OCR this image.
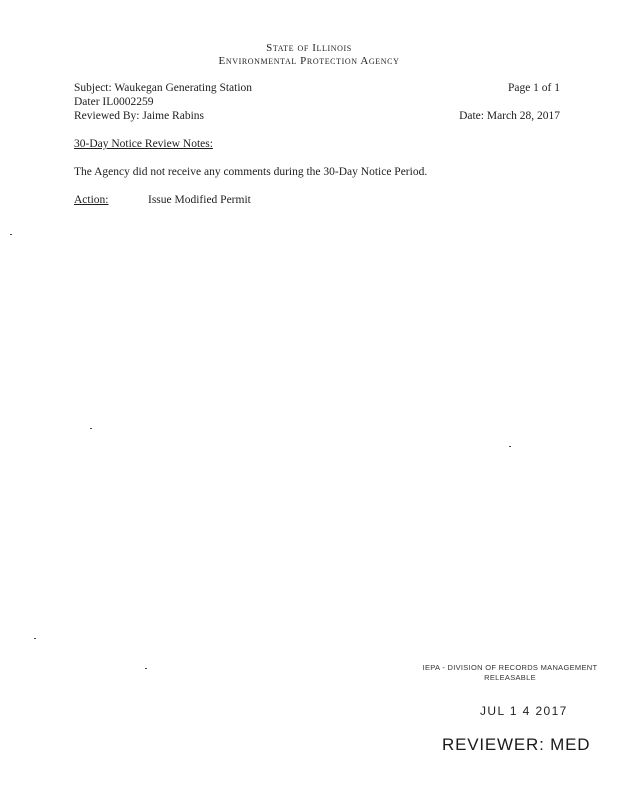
State of Illinois
Environmental Protection Agency
Subject: Waukegan Generating Station	Page 1 of 1
Dater IL0002259
Reviewed By: Jaime Rabins	Date: March 28, 2017
30-Day Notice Review Notes:
The Agency did not receive any comments during the 30-Day Notice Period.
Action:	Issue Modified Permit
IEPA - DIVISION OF RECORDS MANAGEMENT
RELEASABLE
JUL 1 4 2017
REVIEWER: MED
